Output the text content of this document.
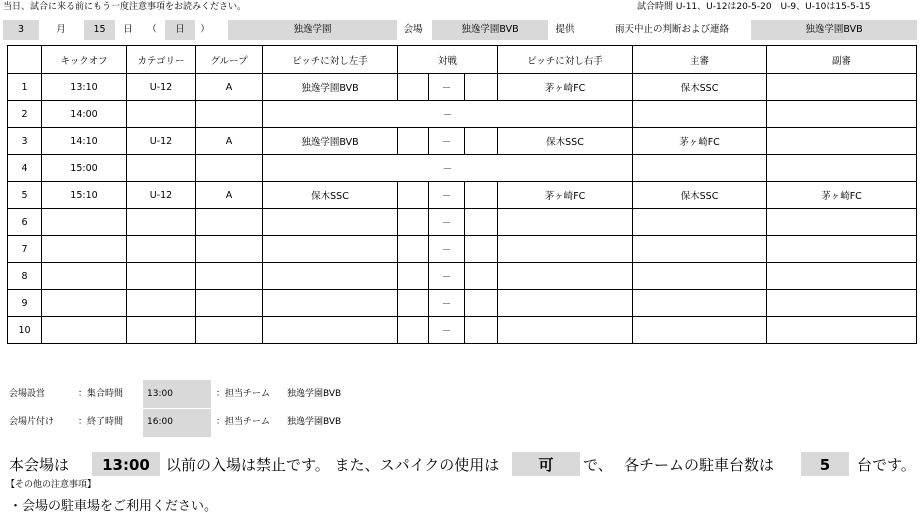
当日、試合に来る前にもう一度注意事項をお読みください。	試合時間 U-11、U-12は20-5-20　U-9、U-10は15-5-15
3	月	15	日	（	日	）	独逸学園	会場	独逸学園BVB	提供	雨天中止の判断および連絡	独逸学園BVB
	キックオフ	カテゴリー	グループ	ピッチに対し左手	対戦			ピッチに対し右手	主審	副審
1	13:10	U-12	A	独逸学園BVB		－		茅ヶ崎FC	保木SSC	
2	14:00			－						
3	14:10	U-12	A	独逸学園BVB		－		保木SSC	茅ヶ崎FC	
4	15:00			－						
5	15:10	U-12	A	保木SSC		－		茅ヶ崎FC	保木SSC	茅ヶ崎FC
6						－				
7						－				
8						－				
9						－				
10						－				
会場設営	：集合時間	13:00	：担当チーム 独逸学園BVB
会場片付け	：終了時間	16:00	：担当チーム 独逸学園BVB
本会場は	13:00	以前の入場は禁止です。 また、スパイクの使用は	可	で、 各チームの駐車台数は	5	台です。
【その他の注意事項】
・会場の駐車場をご利用ください。
